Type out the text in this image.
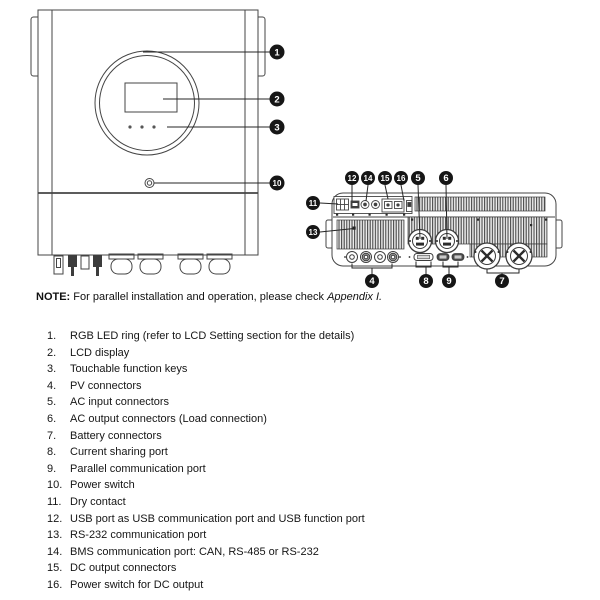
1
2
3
10
12 14 15 16 5 6
11
13
4	8 9	7

NOTE: For parallel installation and operation, please check Appendix I.

1.	RGB LED ring (refer to LCD Setting section for the details)
2.	LCD display
3.	Touchable function keys
4.	PV connectors
5.	AC input connectors
6.	AC output connectors (Load connection)
7.	Battery connectors
8.	Current sharing port
9.	Parallel communication port
10. Power switch
11. Dry contact
12. USB port as USB communication port and USB function port
13. RS-232 communication port
14. BMS communication port: CAN, RS-485 or RS-232
15. DC output connectors
16. Power switch for DC output
